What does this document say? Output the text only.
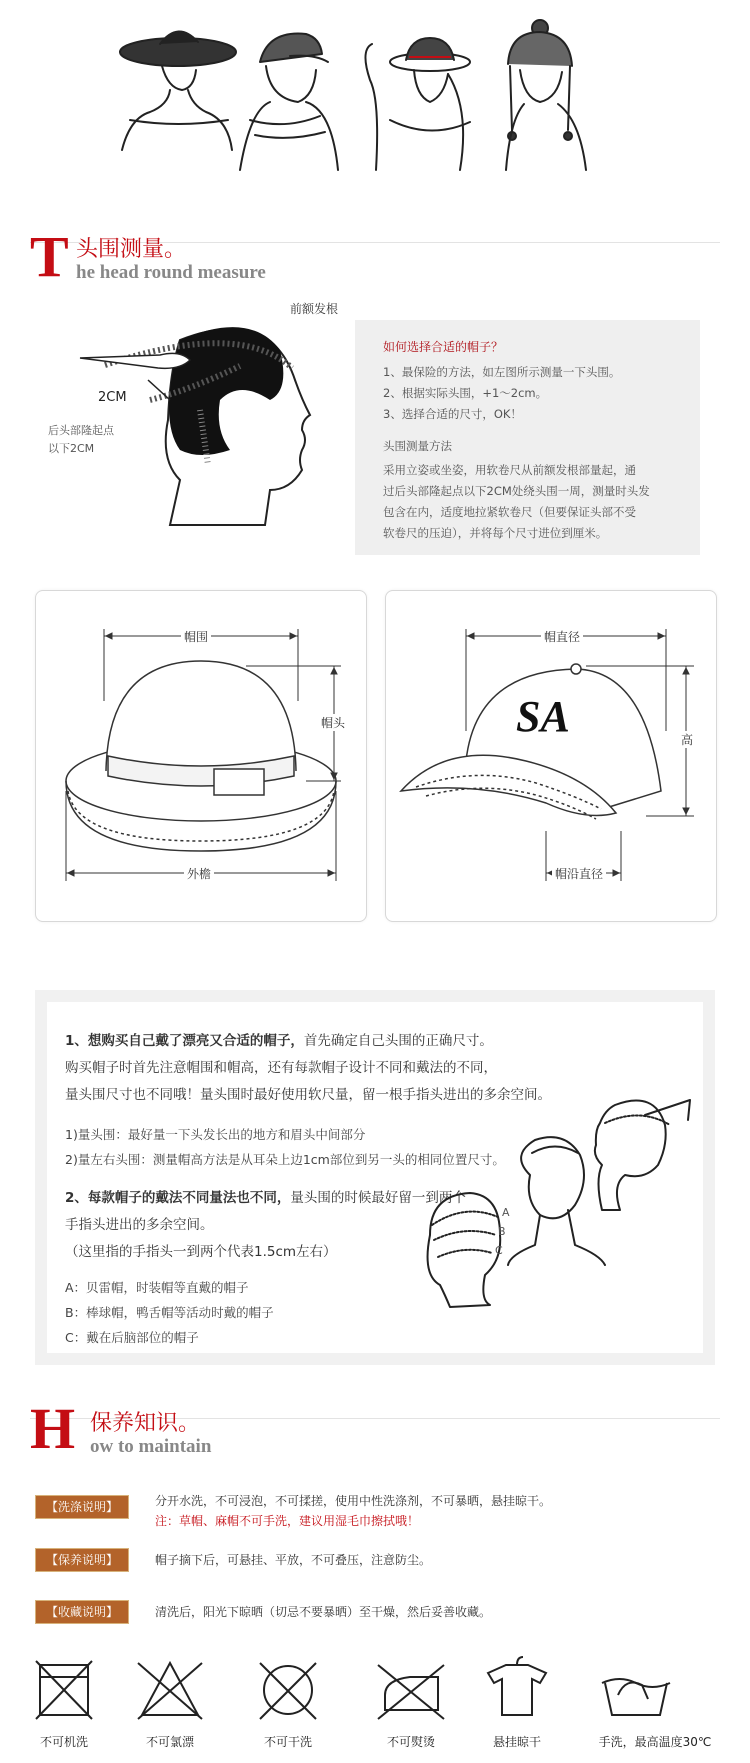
T 头围测量。
he head round measure
前额发根
2CM
后头部隆起点
以下2CM
如何选择合适的帽子？
1、最保险的方法，如左图所示测量一下头围。
2、根据实际头围，+1～2cm。
3、选择合适的尺寸，OK！
头围测量方法
采用立姿或坐姿，用软卷尺从前额发根部量起，通
过后头部隆起点以下2CM处绕头围一周，测量时头发
包含在内，适度地拉紧软卷尺（但要保证头部不受
软卷尺的压迫），并将每个尺寸进位到厘米。
帽围
帽头
外檐
SA
帽直径
高
帽沿直径
1、想购买自己戴了漂亮又合适的帽子，首先确定自己头围的正确尺寸。
购买帽子时首先注意帽围和帽高，还有每款帽子设计不同和戴法的不同，
量头围尺寸也不同哦！量头围时最好使用软尺量，留一根手指头进出的多余空间。
1)量头围：最好量一下头发长出的地方和眉头中间部分
2)量左右头围：测量帽高方法是从耳朵上边1cm部位到另一头的相同位置尺寸。
2、每款帽子的戴法不同量法也不同，量头围的时候最好留一到两个
手指头进出的多余空间。
（这里指的手指头一到两个代表1.5cm左右）
A：贝雷帽，时装帽等直戴的帽子
B：棒球帽，鸭舌帽等活动时戴的帽子
C：戴在后脑部位的帽子
A
B
C
H 保养知识。
ow to maintain
【洗涤说明】	分开水洗，不可浸泡，不可揉搓，使用中性洗涤剂，不可暴晒，悬挂晾干。
注：草帽、麻帽不可手洗，建议用湿毛巾擦拭哦！
【保养说明】	帽子摘下后，可悬挂、平放，不可叠压，注意防尘。
【收藏说明】	清洗后，阳光下晾晒（切忌不要暴晒）至干燥，然后妥善收藏。
不可机洗	不可氯漂	不可干洗	不可熨烫	悬挂晾干	手洗，最高温度30℃
